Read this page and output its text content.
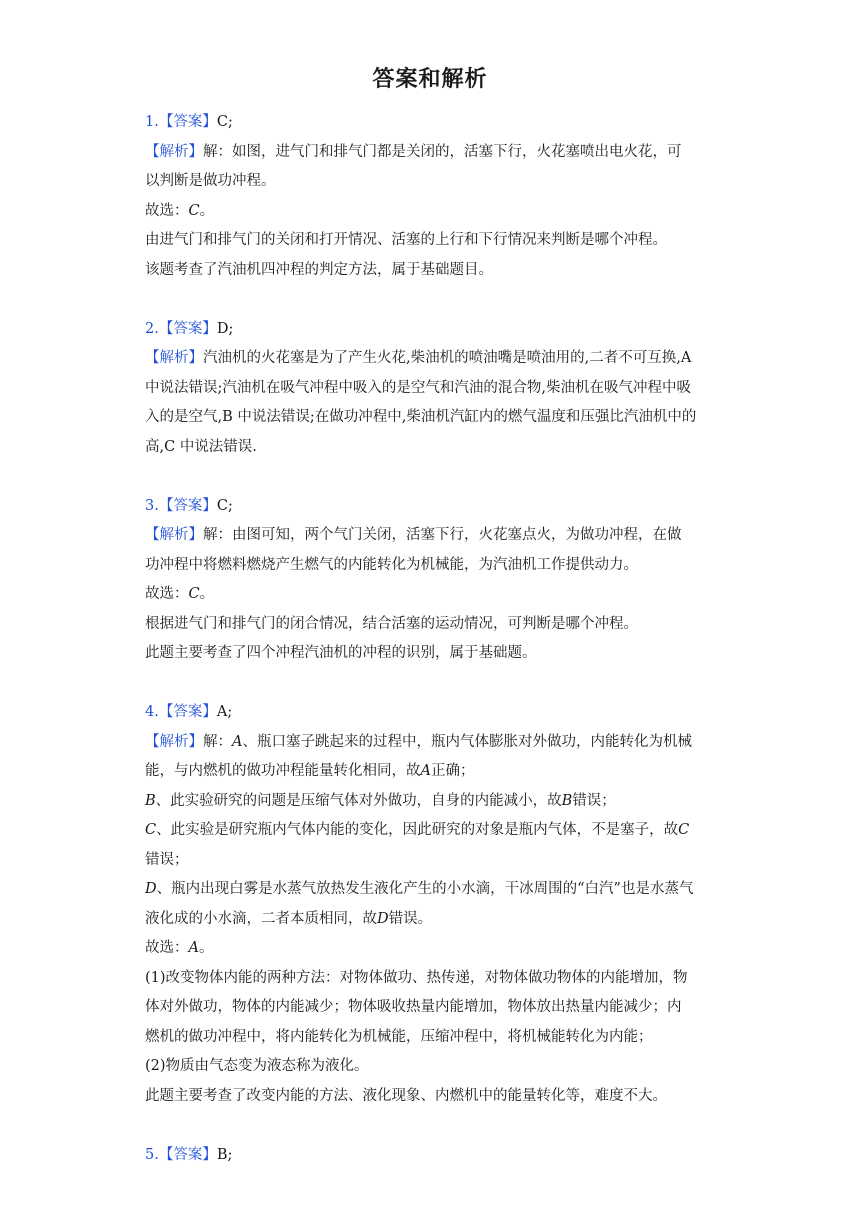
答案和解析
1.【答案】C;
【解析】解：如图，进气门和排气门都是关闭的，活塞下行，火花塞喷出电火花，可
以判断是做功冲程。
故选：𝐶。
由进气门和排气门的关闭和打开情况、活塞的上行和下行情况来判断是哪个冲程。
该题考查了汽油机四冲程的判定方法，属于基础题目。
2.【答案】D;
【解析】汽油机的火花塞是为了产生火花,柴油机的喷油嘴是喷油用的,二者不可互换,A
中说法错误;汽油机在吸气冲程中吸入的是空气和汽油的混合物,柴油机在吸气冲程中吸
入的是空气,B 中说法错误;在做功冲程中,柴油机汽缸内的燃气温度和压强比汽油机中的
高,C 中说法错误.
3.【答案】C;
【解析】解：由图可知，两个气门关闭，活塞下行，火花塞点火，为做功冲程，在做
功冲程中将燃料燃烧产生燃气的内能转化为机械能，为汽油机工作提供动力。
故选：𝐶。
根据进气门和排气门的闭合情况，结合活塞的运动情况，可判断是哪个冲程。
此题主要考查了四个冲程汽油机的冲程的识别，属于基础题。
4.【答案】A;
【解析】解：𝐴、瓶口塞子跳起来的过程中，瓶内气体膨胀对外做功，内能转化为机械
能，与内燃机的做功冲程能量转化相同，故𝐴正确；
𝐵、此实验研究的问题是压缩气体对外做功，自身的内能减小，故𝐵错误；
𝐶、此实验是研究瓶内气体内能的变化，因此研究的对象是瓶内气体，不是塞子，故𝐶
错误；
𝐷、瓶内出现白雾是水蒸气放热发生液化产生的小水滴，干冰周围的“白汽”也是水蒸气
液化成的小水滴，二者本质相同，故𝐷错误。
故选：𝐴。
(1)改变物体内能的两种方法：对物体做功、热传递，对物体做功物体的内能增加，物
体对外做功，物体的内能减少；物体吸收热量内能增加，物体放出热量内能减少；内
燃机的做功冲程中，将内能转化为机械能，压缩冲程中，将机械能转化为内能；
(2)物质由气态变为液态称为液化。
此题主要考查了改变内能的方法、液化现象、内燃机中的能量转化等，难度不大。
5.【答案】B;
